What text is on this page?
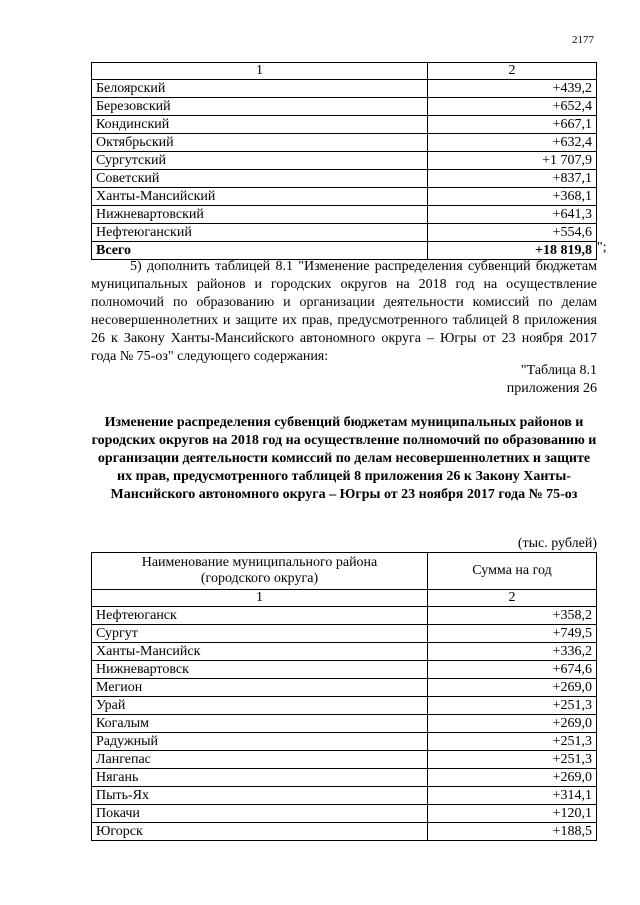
2177
1	2
Белоярский	+439,2
Березовский	+652,4
Кондинский	+667,1
Октябрьский	+632,4
Сургутский	+1 707,9
Советский	+837,1
Ханты-Мансийский	+368,1
Нижневартовский	+641,3
Нефтеюганский	+554,6
Всего	+18 819,8 ";
5) дополнить таблицей 8.1 "Изменение распределения субвенций бюджетам муниципальных районов и городских округов на 2018 год на осуществление полномочий по образованию и организации деятельности комиссий по делам несовершеннолетних и защите их прав, предусмотренного таблицей 8 приложения 26 к Закону Ханты-Мансийского автономного округа – Югры от 23 ноября 2017 года № 75-оз" следующего содержания:
"Таблица 8.1
приложения 26
Изменение распределения субвенций бюджетам муниципальных районов и городских округов на 2018 год на осуществление полномочий по образованию и организации деятельности комиссий по делам несовершеннолетних и защите их прав, предусмотренного таблицей 8 приложения 26 к Закону Ханты-Мансийского автономного округа – Югры от 23 ноября 2017 года № 75-оз
(тыс. рублей)
Наименование муниципального района
(городского округа)	Сумма на год
1	2
Нефтеюганск	+358,2
Сургут	+749,5
Ханты-Мансийск	+336,2
Нижневартовск	+674,6
Мегион	+269,0
Урай	+251,3
Когалым	+269,0
Радужный	+251,3
Лангепас	+251,3
Нягань	+269,0
Пыть-Ях	+314,1
Покачи	+120,1
Югорск	+188,5
